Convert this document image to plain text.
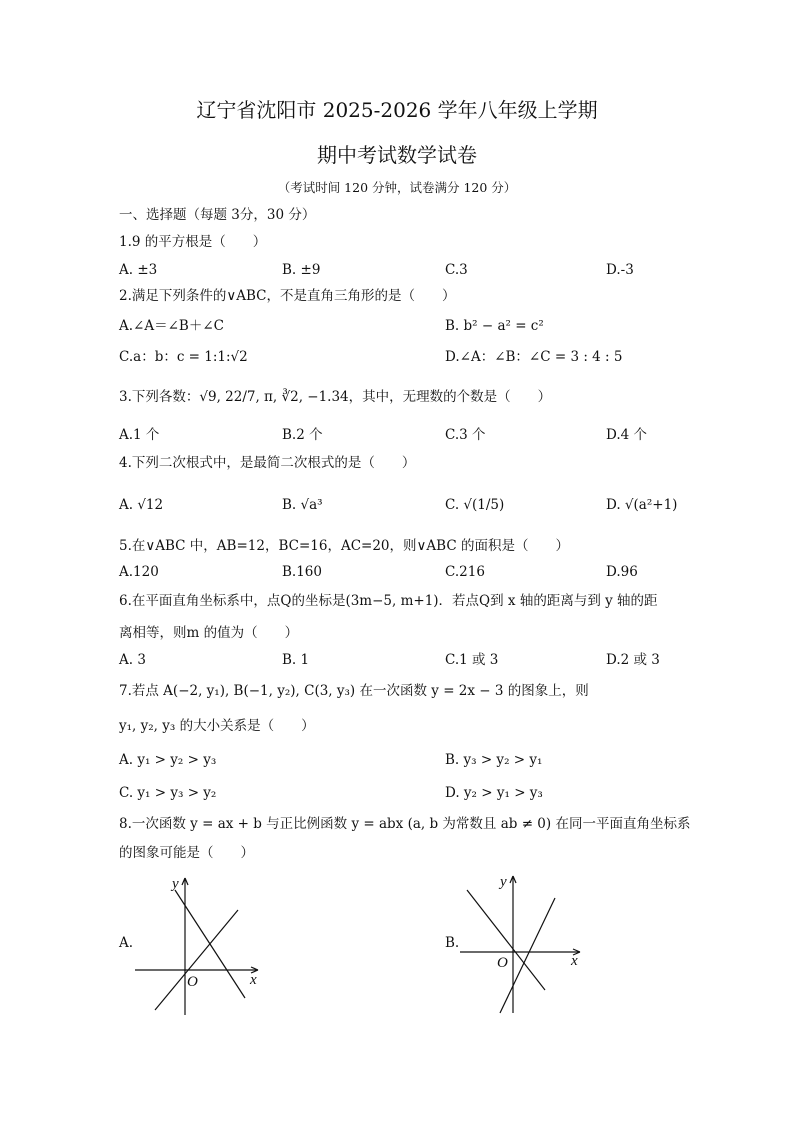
辽宁省沈阳市 2025-2026 学年八年级上学期
期中考试数学试卷
（考试时间 120 分钟，试卷满分 120 分）
一、选择题（每题 3分，30 分）
1.9 的平方根是（　　）
A. ±3	B. ±9	C.3	D.-3
2.满足下列条件的∨ABC，不是直角三角形的是（　　）
A.∠A＝∠B＋∠C	B. b² − a² = c²
C.a：b：c = 1:1:√2	D.∠A：∠B：∠C = 3 : 4 : 5
3.下列各数：√9, 22/7, π, ∛2, −1.34，其中，无理数的个数是（　　）
A.1 个	B.2 个	C.3 个	D.4 个
4.下列二次根式中，是最简二次根式的是（　　）
A. √12	B. √a³	C. √(1/5)	D. √(a²+1)
5.在∨ABC 中，AB=12，BC=16，AC=20，则∨ABC 的面积是（　　）
A.120	B.160	C.216	D.96
6.在平面直角坐标系中，点Q的坐标是(3m−5, m+1)．若点Q到 x 轴的距离与到 y 轴的距
离相等，则m 的值为（　　）
A. 3	B. 1	C.1 或 3	D.2 或 3
7.若点 A(−2, y₁), B(−1, y₂), C(3, y₃) 在一次函数 y = 2x − 3 的图象上，则
y₁, y₂, y₃ 的大小关系是（　　）
A. y₁ > y₂ > y₃	B. y₃ > y₂ > y₁
C. y₁ > y₃ > y₂	D. y₂ > y₁ > y₃
8.一次函数 y = ax + b 与正比例函数 y = abx (a, b 为常数且 ab ≠ 0) 在同一平面直角坐标系
的图象可能是（　　）
A.
y
x
O
B.
y
x
O
